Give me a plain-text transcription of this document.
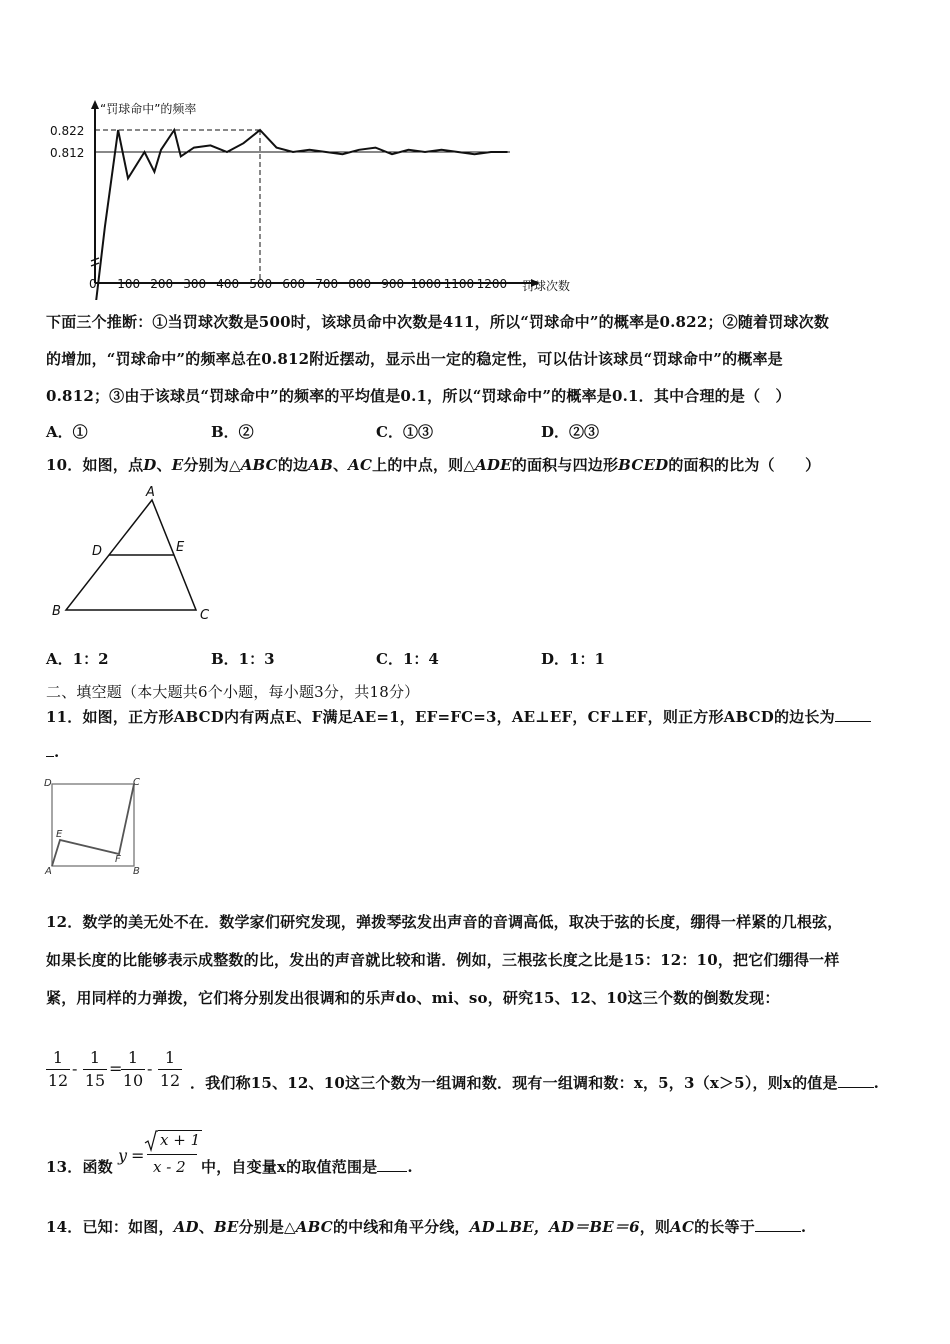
“罚球命中”的频率
0.822
0.812
0 100 200 300 400 500 600 700 800 900 1000 1100 1200 罚球次数
下面三个推断：①当罚球次数是500时，该球员命中次数是411，所以“罚球命中”的概率是0.822；②随着罚球次数
的增加，“罚球命中”的频率总在0.812附近摆动，显示出一定的稳定性，可以估计该球员“罚球命中”的概率是
0.812；③由于该球员“罚球命中”的频率的平均值是0.1，所以“罚球命中”的概率是0.1．其中合理的是（　）
A．①	B．②	C．①③	D．②③
10．如图，点D、E分别为△ABC的边AB、AC上的中点，则△ADE的面积与四边形BCED的面积的比为（　　）
A
D	E
B	C
A．1：2	B．1：3	C．1：4	D．1：1
二、填空题（本大题共6个小题，每小题3分，共18分）
11．如图，正方形ABCD内有两点E、F满足AE=1，EF=FC=3，AE⊥EF，CF⊥EF，则正方形ABCD的边长为
.
D	C
E
F
A	B
12．数学的美无处不在．数学家们研究发现，弹拨琴弦发出声音的音调高低，取决于弦的长度，绷得一样紧的几根弦，
如果长度的比能够表示成整数的比，发出的声音就比较和谐．例如，三根弦长度之比是15：12：10，把它们绷得一样
紧，用同样的力弹拨，它们将分别发出很调和的乐声do、mi、so，研究15、12、10这三个数的倒数发现：
1
12
-
1
15
=
1
10
-
1
12 ．我们称15、12、10这三个数为一组调和数．现有一组调和数：x，5，3（x＞5），则x的值是 .
13．函数
y =
x + 1
x - 2 中，自变量x的取值范围是 .
14．已知：如图，AD、BE分别是△ABC的中线和角平分线，AD⊥BE，AD＝BE＝6，则AC的长等于	.
